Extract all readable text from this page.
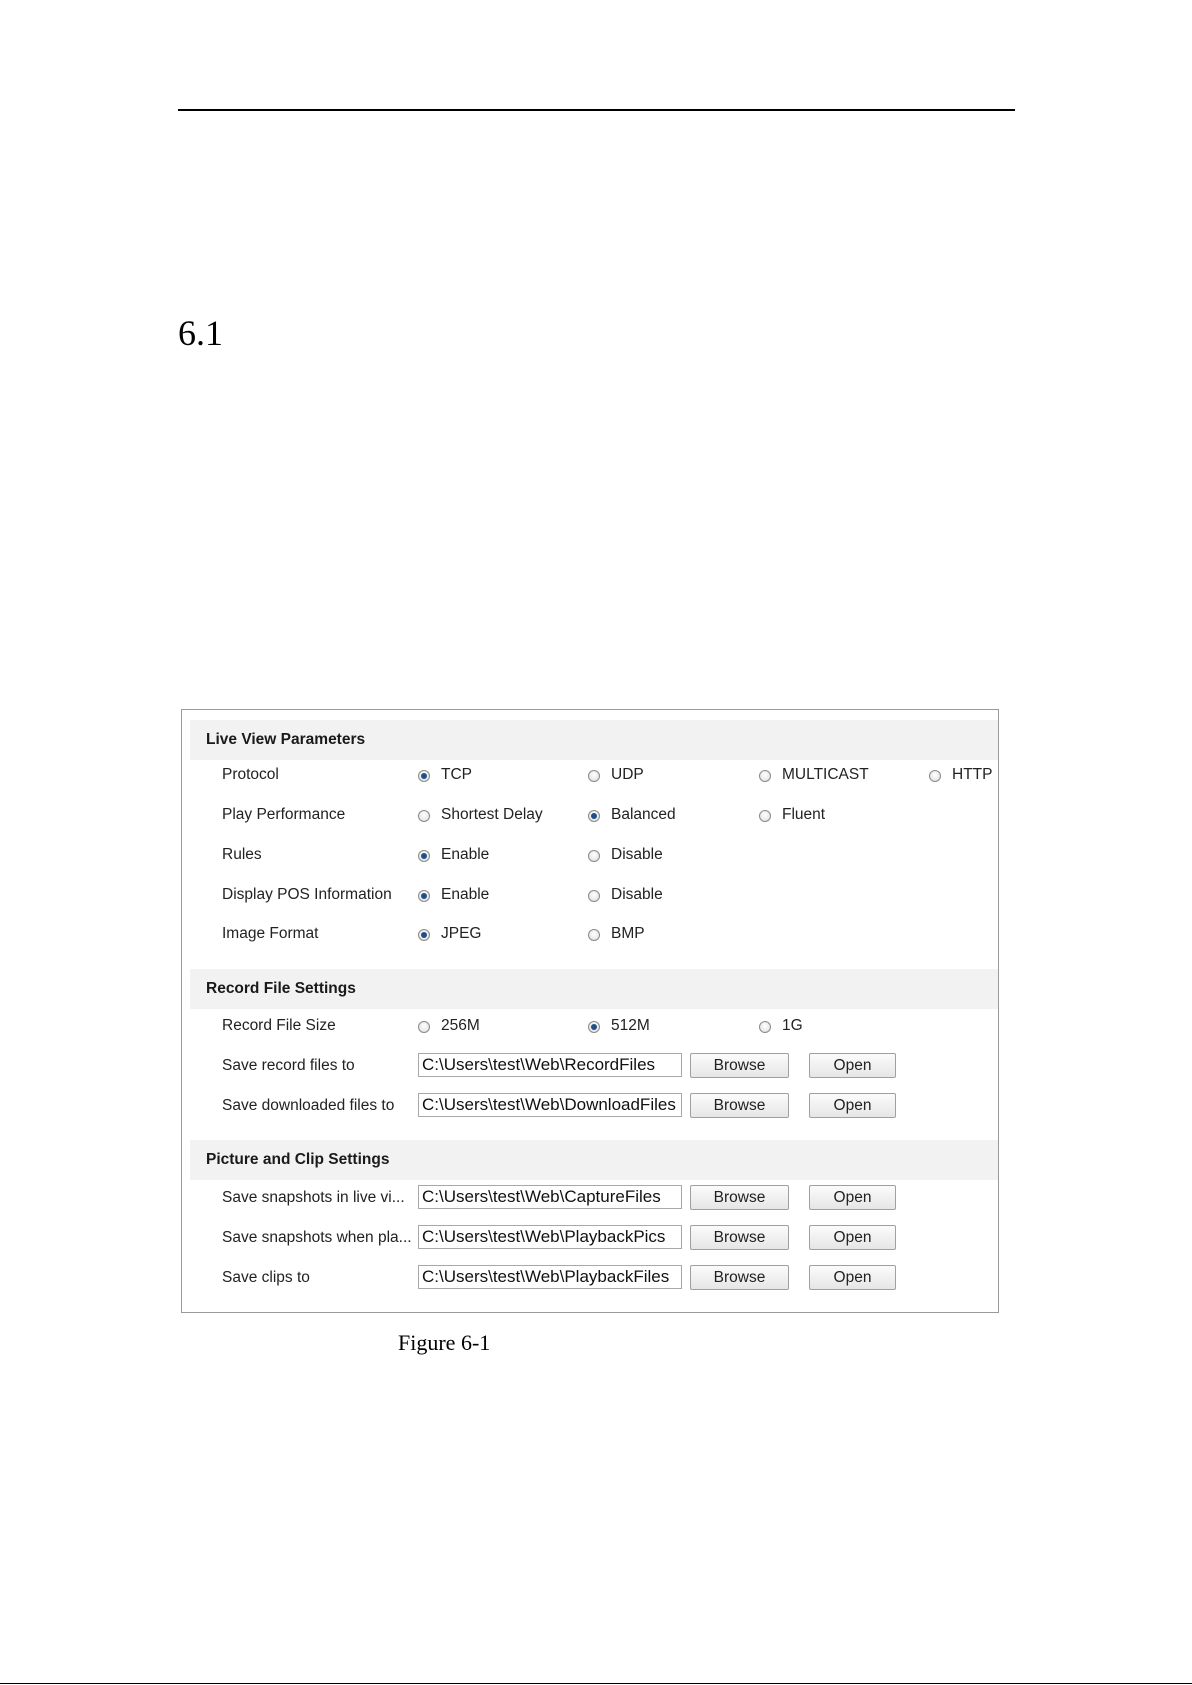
6.1
Live View Parameters
Protocol	TCP	UDP	MULTICAST	HTTP
Play Performance	Shortest Delay	Balanced	Fluent
Rules	Enable	Disable
Display POS Information	Enable	Disable
Image Format	JPEG	BMP
Record File Settings
Record File Size	256M	512M	1G
Save record files to	C:\Users\test\Web\RecordFiles	Browse	Open
Save downloaded files to C:\Users\test\Web\DownloadFiles	Browse	Open
Picture and Clip Settings
Save snapshots in live vi... C:\Users\test\Web\CaptureFiles	Browse	Open
Save snapshots when pla... C:\Users\test\Web\PlaybackPics	Browse	Open
Save clips to	C:\Users\test\Web\PlaybackFiles	Browse	Open
Figure 6-1
